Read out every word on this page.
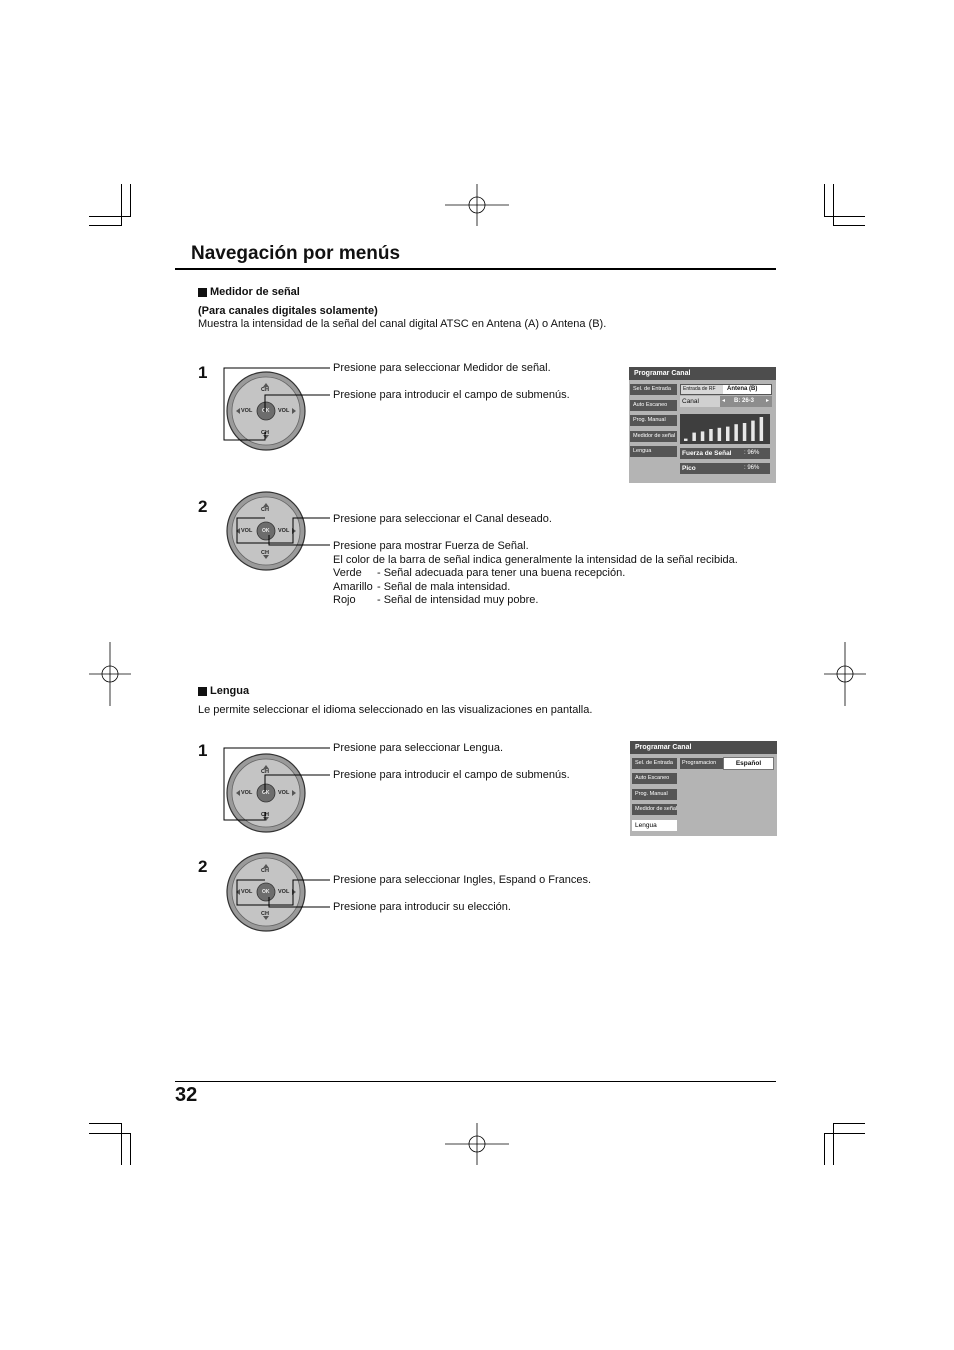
Navegación por menús
Medidor de señal
(Para canales digitales solamente)
Muestra la intensidad de la señal del canal digital ATSC en Antena (A) o Antena (B).
1
CH
CH
VOL	VOL
OK
Presione para seleccionar Medidor de señal.
Presione para introducir el campo de submenús.
Programar Canal
Sel. de Entrada
Auto Escaneo
Prog. Manual
Medidor de señal
Lengua
Entrada de RF	Antena (B)
Canal	◂ B: 26-3 ▸
Fuerza de Señal : 96%
Pico	: 96%
2	CH
CH
VOL	VOL
OK
Presione para seleccionar el Canal deseado.
Presione para mostrar Fuerza de Señal.
El color de la barra de señal indica generalmente la intensidad de la señal recibida.
Verde - Señal adecuada para tener una buena recepción.
Amarillo - Señal de mala intensidad.
Rojo - Señal de intensidad muy pobre.
Lengua
Le permite seleccionar el idioma seleccionado en las visualizaciones en pantalla.
1
CH
CH
VOL	VOL
OK
Presione para seleccionar Lengua.
Presione para introducir el campo de submenús.
Programar Canal
Sel. de Entrada
Auto Escaneo
Prog. Manual
Medidor de señal
Lengua
Programacion	Español
2	CH
CH
VOL	VOL
OK
Presione para seleccionar Ingles, Espand o Frances.
Presione para introducir su elección.
32
